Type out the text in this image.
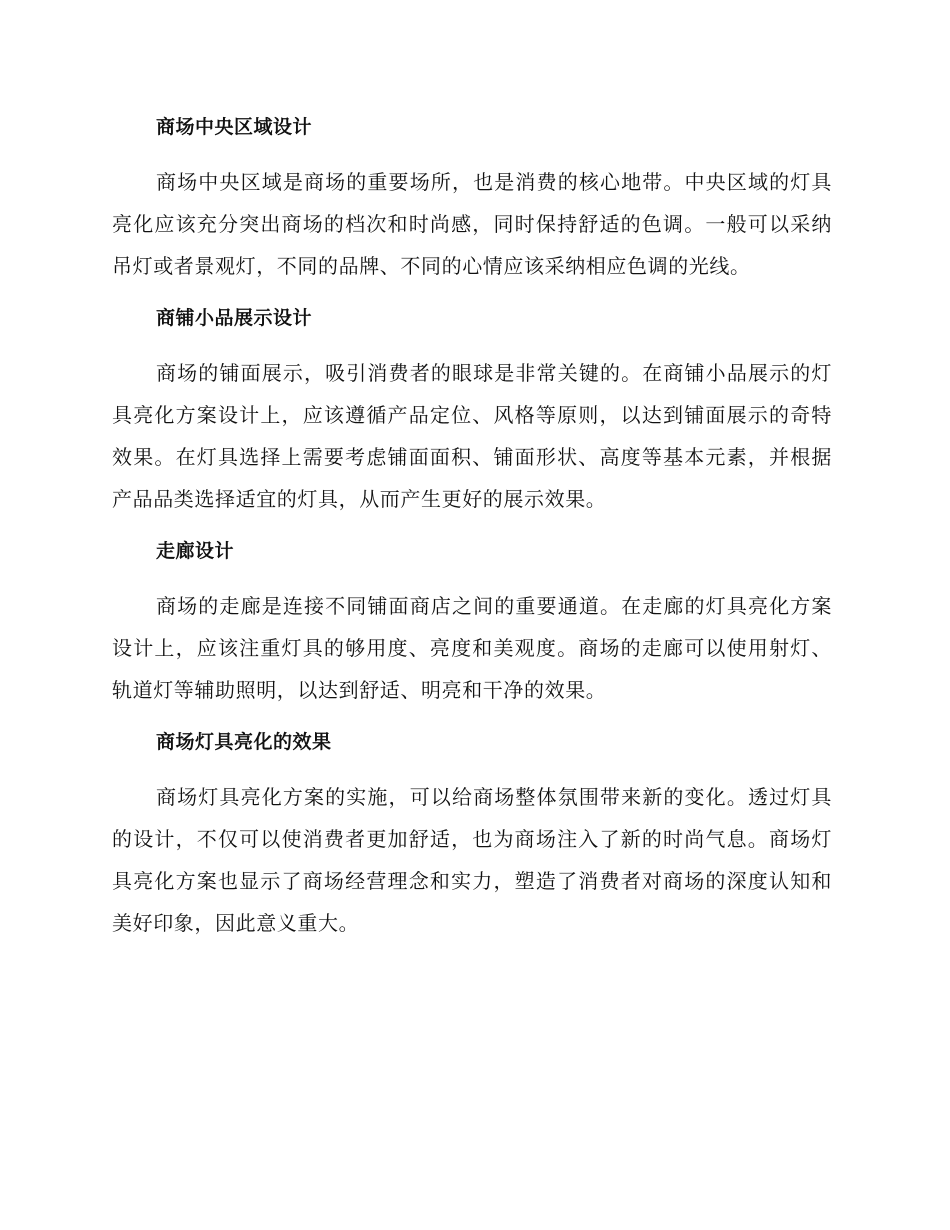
商场中央区域设计

商场中央区域是商场的重要场所，也是消费的核心地带。中央区域的灯具亮化应该充分突出商场的档次和时尚感，同时保持舒适的色调。一般可以采纳吊灯或者景观灯，不同的品牌、不同的心情应该采纳相应色调的光线。

商铺小品展示设计

商场的铺面展示，吸引消费者的眼球是非常关键的。在商铺小品展示的灯具亮化方案设计上，应该遵循产品定位、风格等原则，以达到铺面展示的奇特效果。在灯具选择上需要考虑铺面面积、铺面形状、高度等基本元素，并根据产品品类选择适宜的灯具，从而产生更好的展示效果。

走廊设计

商场的走廊是连接不同铺面商店之间的重要通道。在走廊的灯具亮化方案设计上，应该注重灯具的够用度、亮度和美观度。商场的走廊可以使用射灯、轨道灯等辅助照明，以达到舒适、明亮和干净的效果。

商场灯具亮化的效果

商场灯具亮化方案的实施，可以给商场整体氛围带来新的变化。透过灯具的设计，不仅可以使消费者更加舒适，也为商场注入了新的时尚气息。商场灯具亮化方案也显示了商场经营理念和实力，塑造了消费者对商场的深度认知和美好印象，因此意义重大。
